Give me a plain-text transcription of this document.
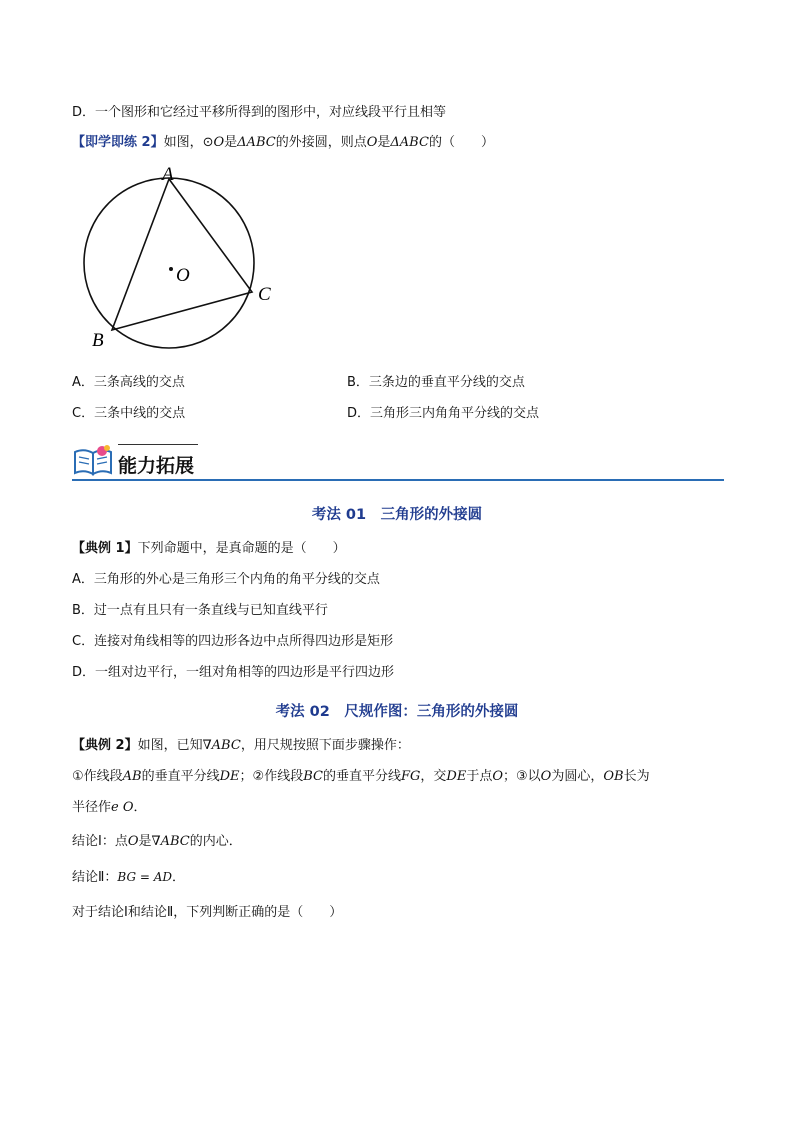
D．一个图形和它经过平移所得到的图形中，对应线段平行且相等
【即学即练 2】如图，⊙O是ΔABC的外接圆，则点O是ΔABC的（　　）
A
B
C
O
A．三条高线的交点	B．三条边的垂直平分线的交点
C．三条中线的交点	D．三角形三内角角平分线的交点
能力拓展
考法 01　三角形的外接圆
【典例 1】下列命题中，是真命题的是（　　）
A．三角形的外心是三角形三个内角的角平分线的交点
B．过一点有且只有一条直线与已知直线平行
C．连接对角线相等的四边形各边中点所得四边形是矩形
D．一组对边平行，一组对角相等的四边形是平行四边形
考法 02　尺规作图：三角形的外接圆
【典例 2】如图，已知∇ABC，用尺规按照下面步骤操作：
①作线段AB的垂直平分线DE；②作线段BC的垂直平分线FG，交DE于点O；③以O为圆心，OB长为
半径作e O．
结论Ⅰ：点O是∇ABC的内心．
结论Ⅱ：BG = AD．
对于结论Ⅰ和结论Ⅱ，下列判断正确的是（　　）
